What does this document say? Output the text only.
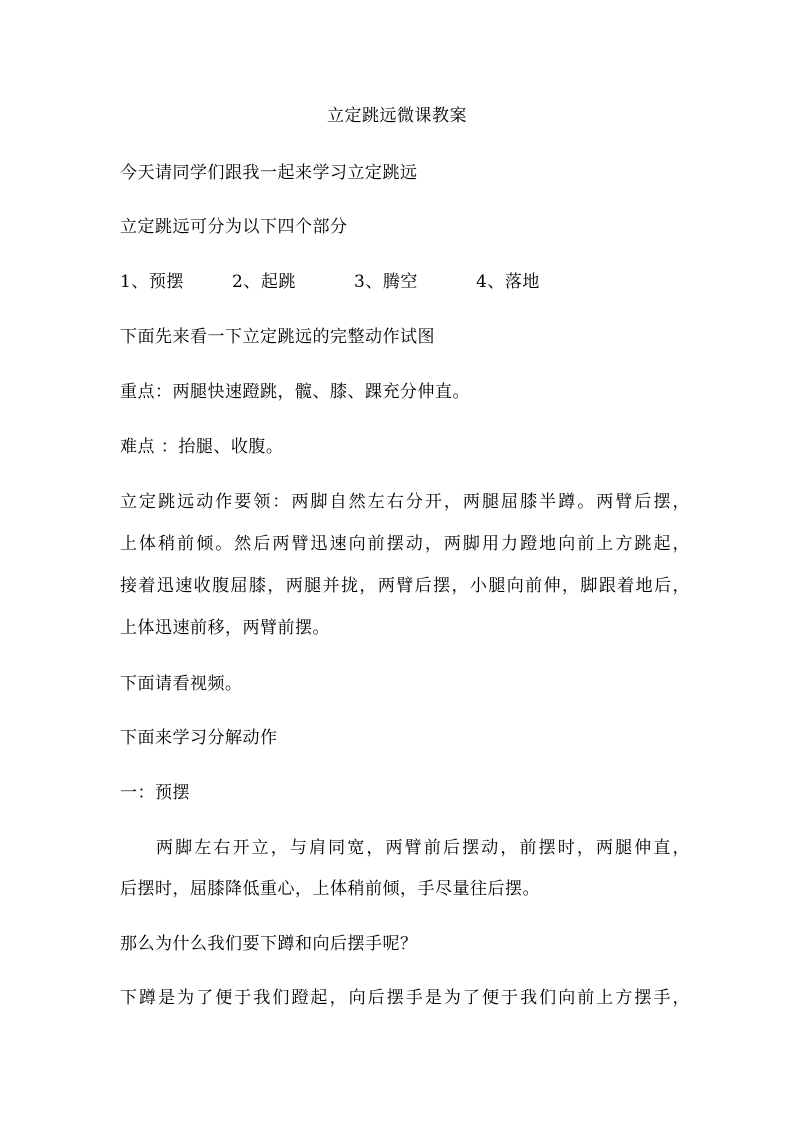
立定跳远微课教案
今天请同学们跟我一起来学习立定跳远
立定跳远可分为以下四个部分
1、预摆	2、起跳	3、腾空	4、落地
下面先来看一下立定跳远的完整动作试图
重点：两腿快速蹬跳，髋、膝、踝充分伸直。
难点 ：抬腿、收腹。
立定跳远动作要领：两脚自然左右分开，两腿屈膝半蹲。两臂后摆，
上体稍前倾。然后两臂迅速向前摆动，两脚用力蹬地向前上方跳起，
接着迅速收腹屈膝，两腿并拢，两臂后摆，小腿向前伸，脚跟着地后，
上体迅速前移，两臂前摆。
下面请看视频。
下面来学习分解动作
一：预摆
两脚左右开立，与肩同宽，两臂前后摆动，前摆时，两腿伸直，
后摆时，屈膝降低重心，上体稍前倾，手尽量往后摆。
那么为什么我们要下蹲和向后摆手呢？
下蹲是为了便于我们蹬起，向后摆手是为了便于我们向前上方摆手，
